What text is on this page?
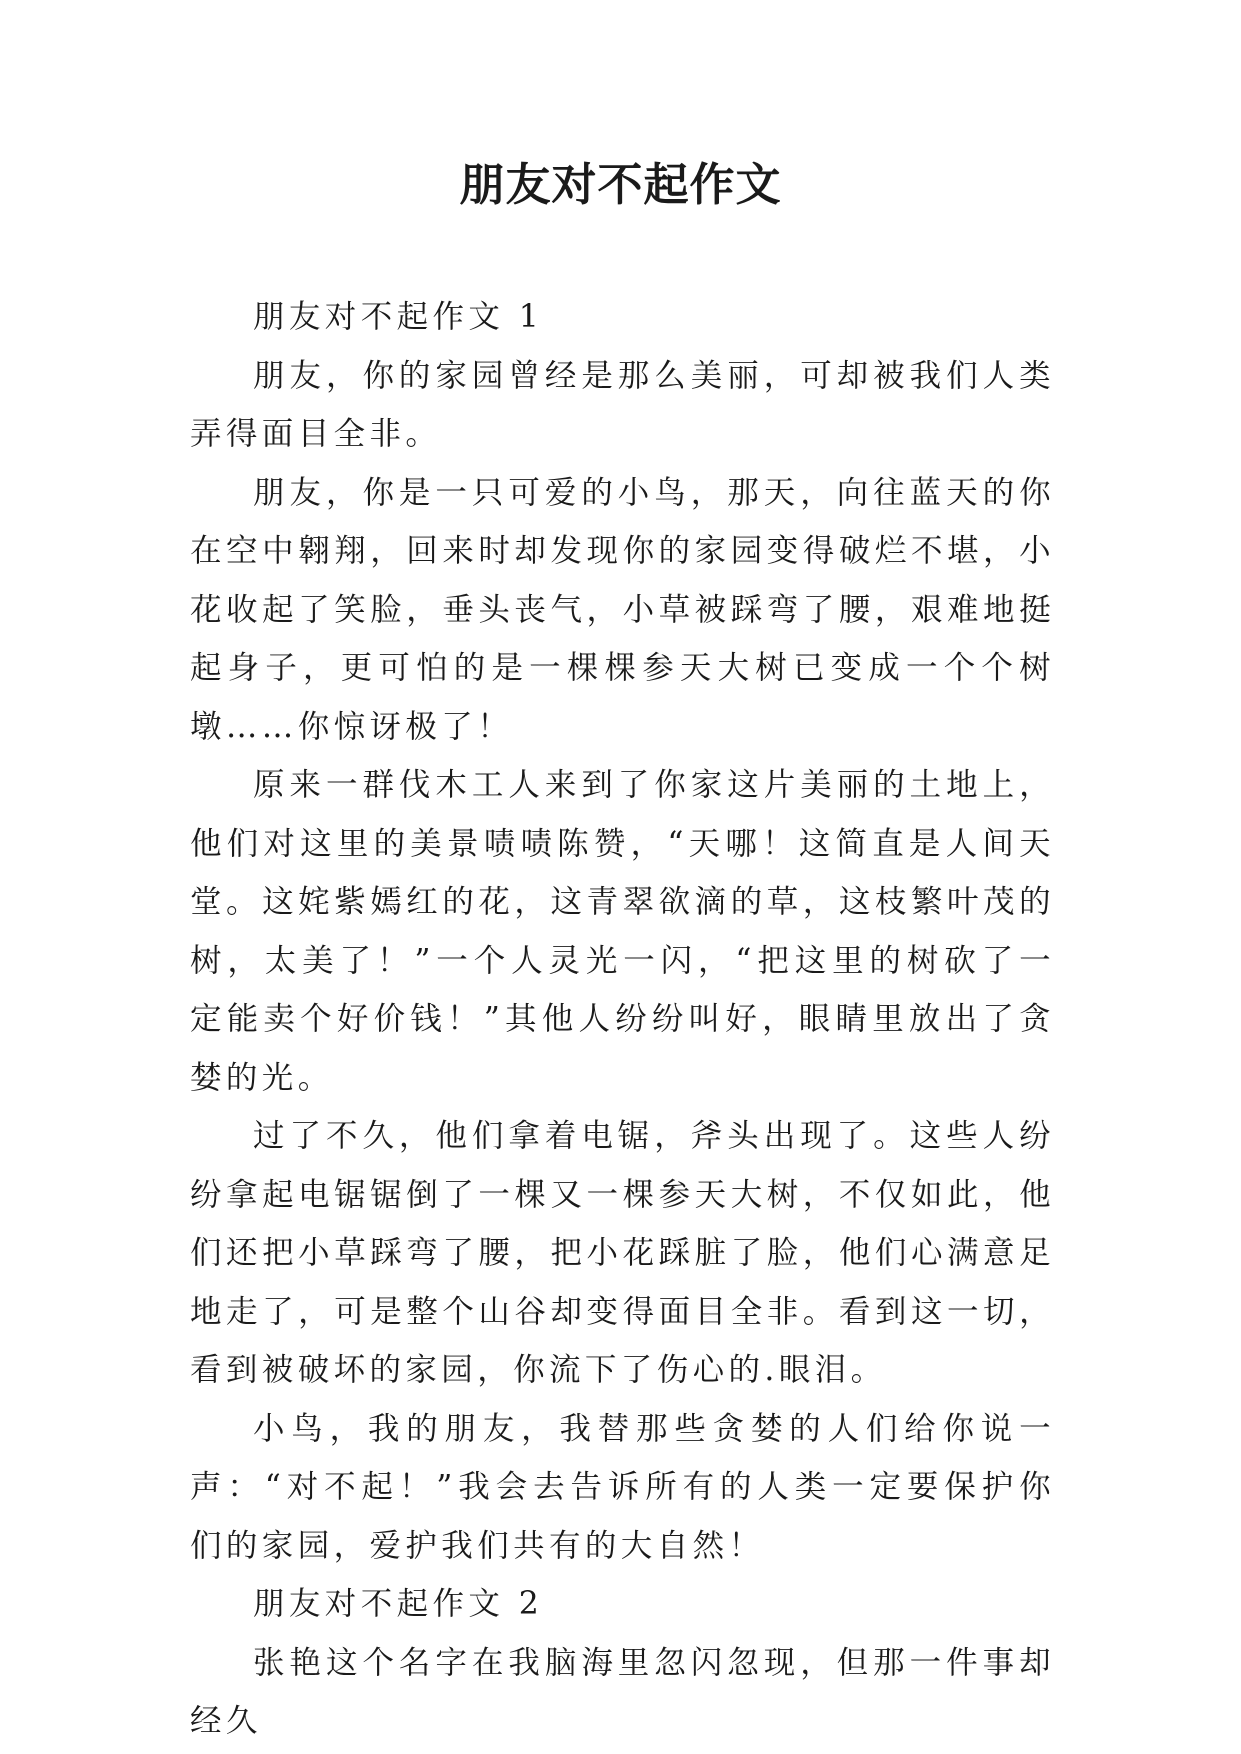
朋友对不起作文

朋友对不起作文 1

朋友，你的家园曾经是那么美丽，可却被我们人类弄得面目全非。

朋友，你是一只可爱的小鸟，那天，向往蓝天的你在空中翱翔，回来时却发现你的家园变得破烂不堪，小花收起了笑脸，垂头丧气，小草被踩弯了腰，艰难地挺起身子，更可怕的是一棵棵参天大树已变成一个个树墩……你惊讶极了！

原来一群伐木工人来到了你家这片美丽的土地上，他们对这里的美景啧啧陈赞，“天哪！这简直是人间天堂。这姹紫嫣红的花，这青翠欲滴的草，这枝繁叶茂的树，太美了！”一个人灵光一闪，“把这里的树砍了一定能卖个好价钱！”其他人纷纷叫好，眼睛里放出了贪婪的光。

过了不久，他们拿着电锯，斧头出现了。这些人纷纷拿起电锯锯倒了一棵又一棵参天大树，不仅如此，他们还把小草踩弯了腰，把小花踩脏了脸，他们心满意足地走了，可是整个山谷却变得面目全非。看到这一切，看到被破坏的家园，你流下了伤心的.眼泪。

小鸟，我的朋友，我替那些贪婪的人们给你说一声：“对不起！”我会去告诉所有的人类一定要保护你们的家园，爱护我们共有的大自然！

朋友对不起作文 2

张艳这个名字在我脑海里忽闪忽现，但那一件事却经久
